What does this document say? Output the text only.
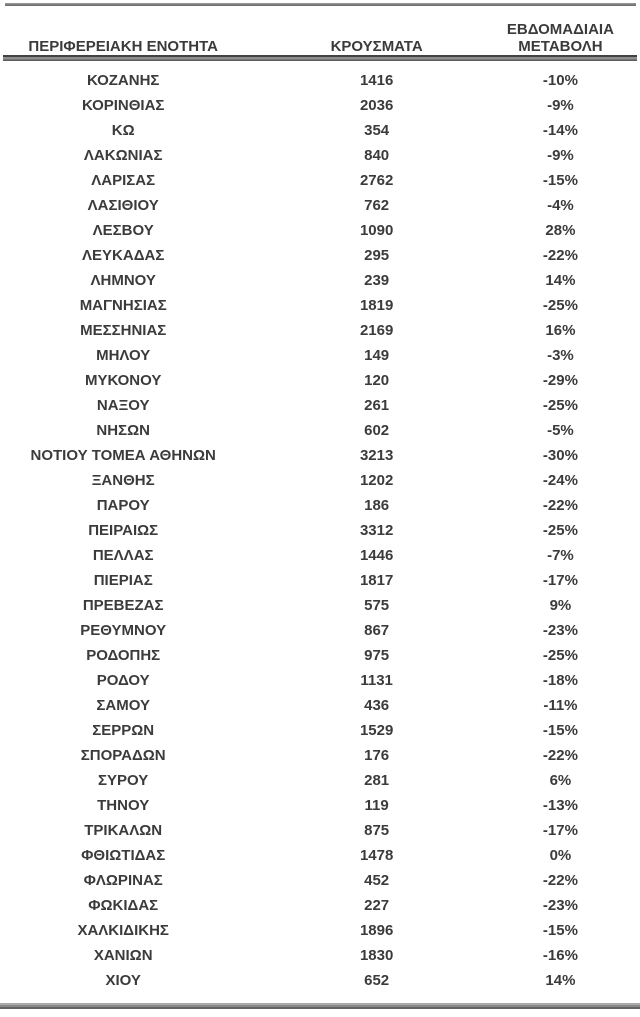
ΠΕΡΙΦΕΡΕΙΑΚΗ ΕΝΟΤΗΤΑ	ΚΡΟΥΣΜΑΤΑ	ΕΒΔΟΜΑΔΙΑΙΑ
ΜΕΤΑΒΟΛΗ

ΚΟΖΑΝΗΣ	1416	-10%
ΚΟΡΙΝΘΙΑΣ	2036	-9%
ΚΩ	354	-14%
ΛΑΚΩΝΙΑΣ	840	-9%
ΛΑΡΙΣΑΣ	2762	-15%
ΛΑΣΙΘΙΟΥ	762	-4%
ΛΕΣΒΟΥ	1090	28%
ΛΕΥΚΑΔΑΣ	295	-22%
ΛΗΜΝΟΥ	239	14%
ΜΑΓΝΗΣΙΑΣ	1819	-25%
ΜΕΣΣΗΝΙΑΣ	2169	16%
ΜΗΛΟΥ	149	-3%
ΜΥΚΟΝΟΥ	120	-29%
ΝΑΞΟΥ	261	-25%
ΝΗΣΩΝ	602	-5%
ΝΟΤΙΟΥ ΤΟΜΕΑ ΑΘΗΝΩΝ	3213	-30%
ΞΑΝΘΗΣ	1202	-24%
ΠΑΡΟΥ	186	-22%
ΠΕΙΡΑΙΩΣ	3312	-25%
ΠΕΛΛΑΣ	1446	-7%
ΠΙΕΡΙΑΣ	1817	-17%
ΠΡΕΒΕΖΑΣ	575	9%
ΡΕΘΥΜΝΟΥ	867	-23%
ΡΟΔΟΠΗΣ	975	-25%
ΡΟΔΟΥ	1131	-18%
ΣΑΜΟΥ	436	-11%
ΣΕΡΡΩΝ	1529	-15%
ΣΠΟΡΑΔΩΝ	176	-22%
ΣΥΡΟΥ	281	6%
ΤΗΝΟΥ	119	-13%
ΤΡΙΚΑΛΩΝ	875	-17%
ΦΘΙΩΤΙΔΑΣ	1478	0%
ΦΛΩΡΙΝΑΣ	452	-22%
ΦΩΚΙΔΑΣ	227	-23%
ΧΑΛΚΙΔΙΚΗΣ	1896	-15%
ΧΑΝΙΩΝ	1830	-16%
ΧΙΟΥ	652	14%
